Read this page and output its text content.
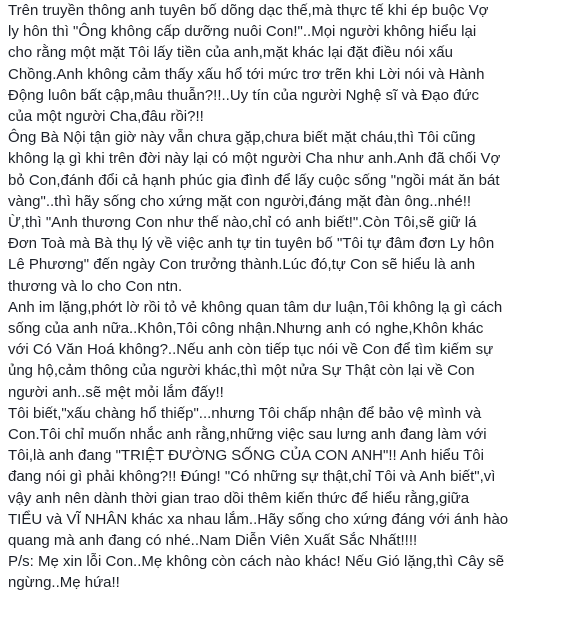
Trên truyền thông anh tuyên bố dõng dạc thế,mà thực tế khi ép buộc Vợ

ly hôn thì "Ông không cấp dưỡng nuôi Con!"..Mọi người không hiểu lại

cho rằng một mặt Tôi lấy tiền của anh,mặt khác lại đặt điều nói xấu

Chồng.Anh không cảm thấy xấu hổ tới mức trơ trẽn khi Lời nói và Hành

Động luôn bất cập,mâu thuẫn?!!..Uy tín của người Nghệ sĩ và Đạo đức

của một người Cha,đâu rồi?!!

Ông Bà Nội tận giờ này vẫn chưa gặp,chưa biết mặt cháu,thì Tôi cũng

không lạ gì khi trên đời này lại có một người Cha như anh.Anh đã chối Vợ

bỏ Con,đánh đổi cả hạnh phúc gia đình để lấy cuộc sống "ngồi mát ăn bát

vàng"..thì hãy sống cho xứng mặt con người,đáng mặt đàn ông..nhé!!

Ừ,thì "Anh thương Con như thế nào,chỉ có anh biết!".Còn Tôi,sẽ giữ lá

Đơn Toà mà Bà thụ lý về việc anh tự tin tuyên bố "Tôi tự đâm đơn Ly hôn

Lê Phương" đến ngày Con trưởng thành.Lúc đó,tự Con sẽ hiểu là anh

thương và lo cho Con ntn.

Anh im lặng,phớt lờ rồi tỏ vẻ không quan tâm dư luận,Tôi không lạ gì cách

sống của anh nữa..Khôn,Tôi công nhận.Nhưng anh có nghe,Khôn khác

với Có Văn Hoá không?..Nếu anh còn tiếp tục nói về Con để tìm kiếm sự

ủng hộ,cảm thông của người khác,thì một nửa Sự Thật còn lại về Con

người anh..sẽ mệt mỏi lắm đấy!!

Tôi biết,"xấu chàng hổ thiếp"...nhưng Tôi chấp nhận để bảo vệ mình và

Con.Tôi chỉ muốn nhắc anh rằng,những việc sau lưng anh đang làm với

Tôi,là anh đang "TRIỆT ĐƯỜNG SỐNG CỦA CON ANH"!! Anh hiểu Tôi

đang nói gì phải không?!! Đúng! "Có những sự thật,chỉ Tôi và Anh biết",vì

vậy anh nên dành thời gian trao dồi thêm kiến thức để hiểu rằng,giữa

TIỂU và VĨ NHÂN khác xa nhau lắm..Hãy sống cho xứng đáng với ánh hào

quang mà anh đang có nhé..Nam Diễn Viên Xuất Sắc Nhất!!!!

P/s: Mẹ xin lỗi Con..Mẹ không còn cách nào khác! Nếu Gió lặng,thì Cây sẽ

ngừng..Mẹ hứa!!
